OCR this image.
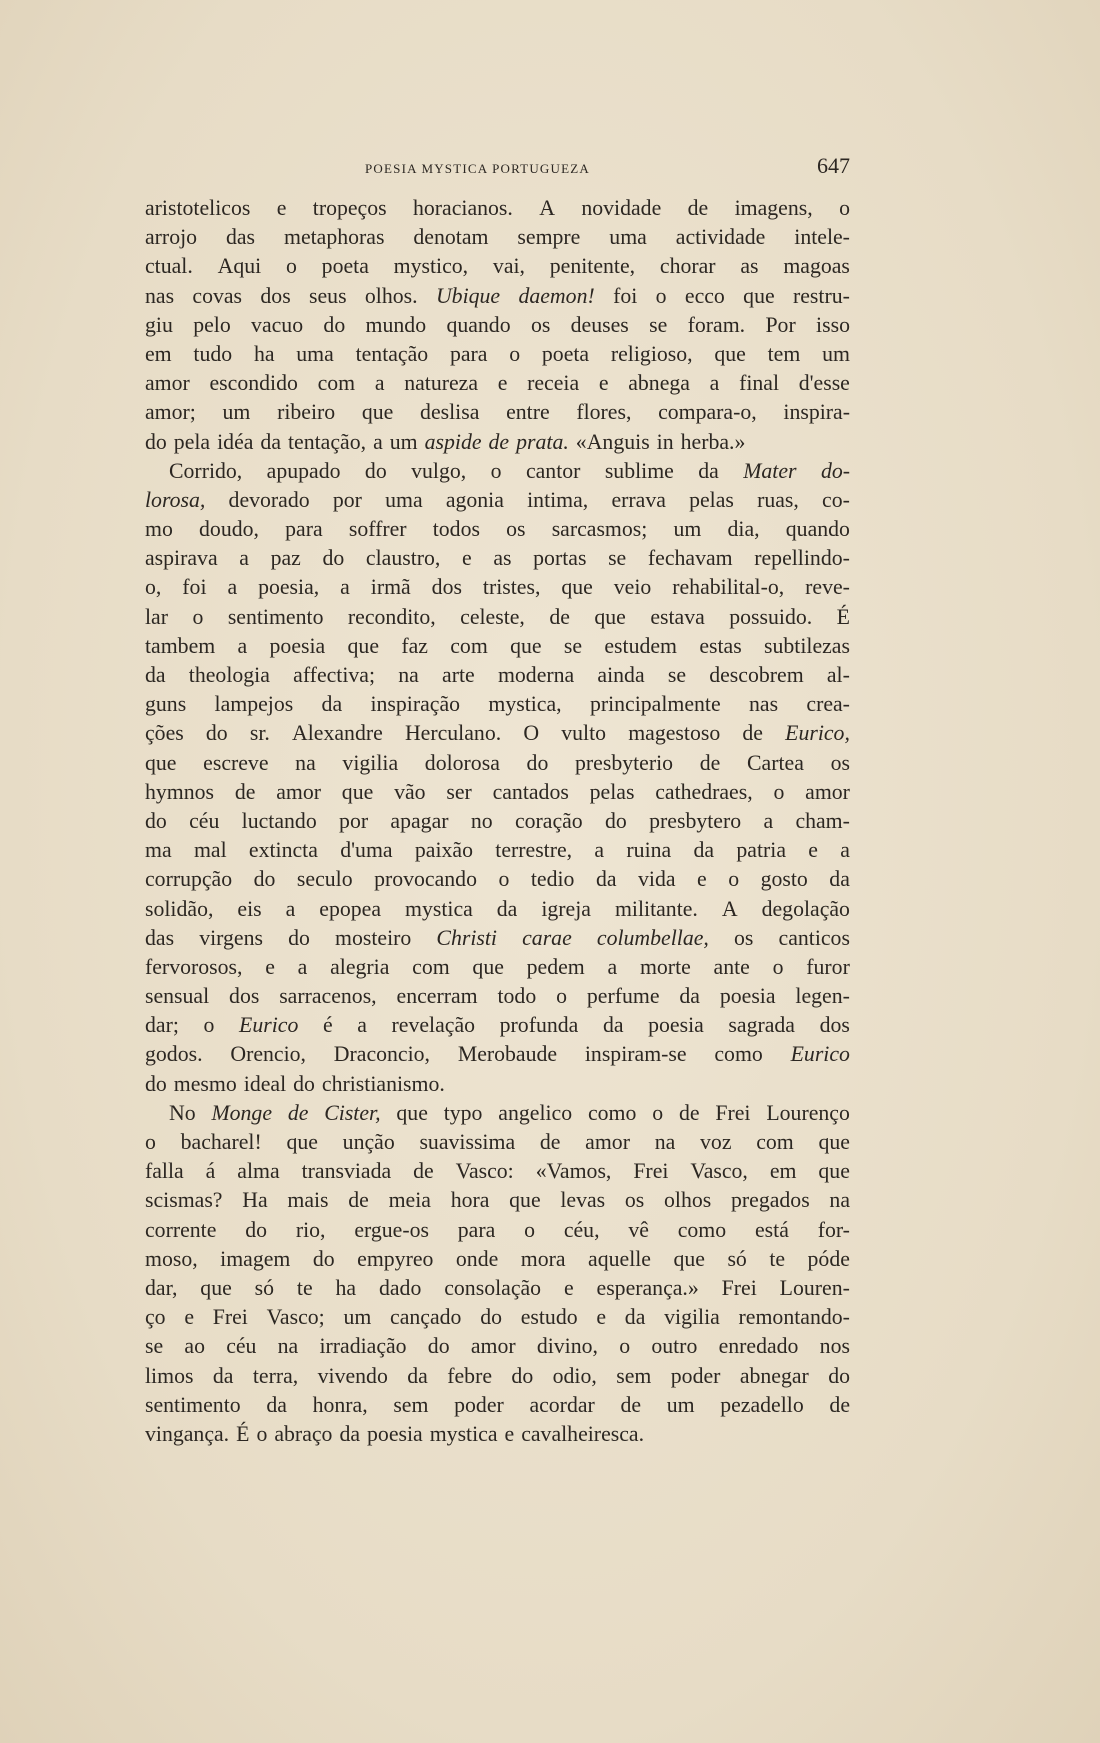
POESIA MYSTICA PORTUGUEZA	647
aristotelicos e tropeços horacianos. A novidade de imagens, o
arrojo das metaphoras denotam sempre uma actividade intele-
ctual. Aqui o poeta mystico, vai, penitente, chorar as magoas
nas covas dos seus olhos. Ubique daemon! foi o ecco que restru-
giu pelo vacuo do mundo quando os deuses se foram. Por isso
em tudo ha uma tentação para o poeta religioso, que tem um
amor escondido com a natureza e receia e abnega a final d'esse
amor; um ribeiro que deslisa entre flores, compara-o, inspira-
do pela idéa da tentação, a um aspide de prata. «Anguis in herba.»
Corrido, apupado do vulgo, o cantor sublime da Mater do-
lorosa, devorado por uma agonia intima, errava pelas ruas, co-
mo doudo, para soffrer todos os sarcasmos; um dia, quando
aspirava a paz do claustro, e as portas se fechavam repellindo-
o, foi a poesia, a irmã dos tristes, que veio rehabilital-o, reve-
lar o sentimento recondito, celeste, de que estava possuido. É
tambem a poesia que faz com que se estudem estas subtilezas
da theologia affectiva; na arte moderna ainda se descobrem al-
guns lampejos da inspiração mystica, principalmente nas creа-
ções do sr. Alexandre Herculano. O vulto magestoso de Eurico,
que escreve na vigilia dolorosa do presbyterio de Cartea os
hymnos de amor que vão ser cantados pelas cathedraes, o amor
do céu luctando por apagar no coração do presbytero a cham-
ma mal extincta d'uma paixão terrestre, a ruina da patria e a
corrupção do seculo provocando o tedio da vida e o gosto da
solidão, eis a epopea mystica da igreja militante. A degolação
das virgens do mosteiro Christi carae columbellae, os canticos
fervorosos, e a alegria com que pedem a morte ante o furor
sensual dos sarracenos, encerram todo o perfume da poesia legen-
dar; o Eurico é a revelação profunda da poesia sagrada dos
godos. Orencio, Draconcio, Merobaude inspiram-se como Eurico
do mesmo ideal do christianismo.
No Monge de Cister, que typo angelico como o de Frei Lourenço
o bacharel! que unção suavissima de amor na voz com que
falla á alma transviada de Vasco: «Vamos, Frei Vasco, em que
scismas? Ha mais de meia hora que levas os olhos pregados na
corrente do rio, ergue-os para o céu, vê como está for-
moso, imagem do empyreo onde mora aquelle que só te póde
dar, que só te ha dado consolação e esperança.» Frei Louren-
ço e Frei Vasco; um cançado do estudo e da vigilia remontando-
se ao céu na irradiação do amor divino, o outro enredado nos
limos da terra, vivendo da febre do odio, sem poder abnegar do
sentimento da honra, sem poder acordar de um pezadello de
vingança. É o abraço da poesia mystica e cavalheiresca.
